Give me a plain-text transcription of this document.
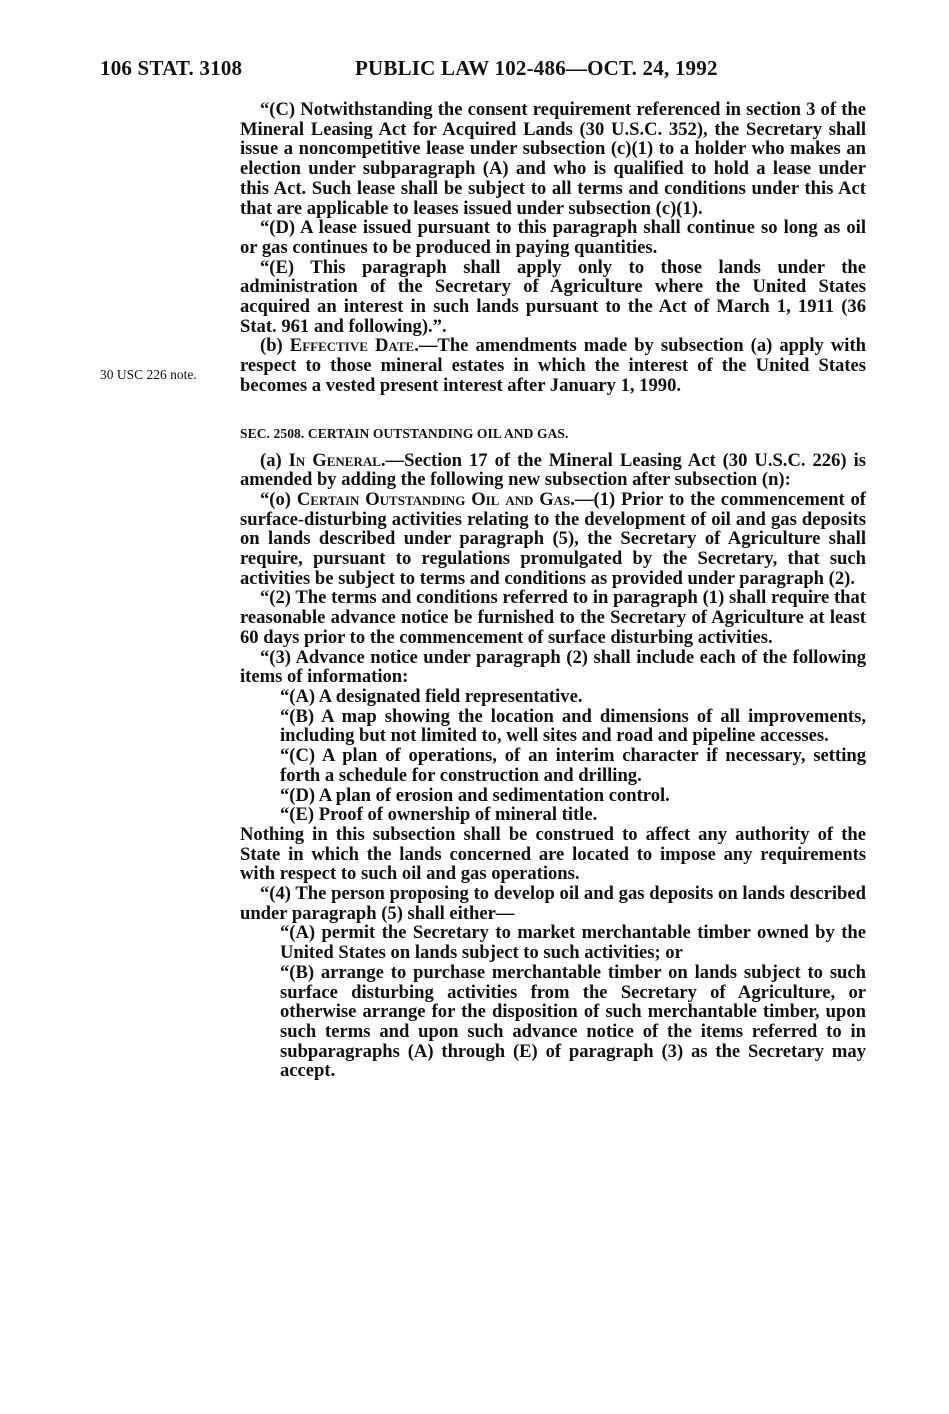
106 STAT. 3108	PUBLIC LAW 102-486—OCT. 24, 1992
30 USC 226 note.

“(C) Notwithstanding the consent requirement referenced in section 3 of the Mineral Leasing Act for Acquired Lands (30 U.S.C. 352), the Secretary shall issue a noncompetitive lease under subsection (c)(1) to a holder who makes an election under subparagraph (A) and who is qualified to hold a lease under this Act. Such lease shall be subject to all terms and conditions under this Act that are applicable to leases issued under subsection (c)(1).

“(D) A lease issued pursuant to this paragraph shall continue so long as oil or gas continues to be produced in paying quantities.

“(E) This paragraph shall apply only to those lands under the administration of the Secretary of Agriculture where the United States acquired an interest in such lands pursuant to the Act of March 1, 1911 (36 Stat. 961 and following).”.

(b) Effective Date.—The amendments made by subsection (a) apply with respect to those mineral estates in which the interest of the United States becomes a vested present interest after January 1, 1990.

SEC. 2508. CERTAIN OUTSTANDING OIL AND GAS.

(a) In General.—Section 17 of the Mineral Leasing Act (30 U.S.C. 226) is amended by adding the following new subsection after subsection (n):

“(o) Certain Outstanding Oil and Gas.—(1) Prior to the commencement of surface-disturbing activities relating to the development of oil and gas deposits on lands described under paragraph (5), the Secretary of Agriculture shall require, pursuant to regulations promulgated by the Secretary, that such activities be subject to terms and conditions as provided under paragraph (2).

“(2) The terms and conditions referred to in paragraph (1) shall require that reasonable advance notice be furnished to the Secretary of Agriculture at least 60 days prior to the commencement of surface disturbing activities.

“(3) Advance notice under paragraph (2) shall include each of the following items of information:

“(A) A designated field representative.

“(B) A map showing the location and dimensions of all improvements, including but not limited to, well sites and road and pipeline accesses.

“(C) A plan of operations, of an interim character if necessary, setting forth a schedule for construction and drilling.

“(D) A plan of erosion and sedimentation control.

“(E) Proof of ownership of mineral title.

Nothing in this subsection shall be construed to affect any authority of the State in which the lands concerned are located to impose any requirements with respect to such oil and gas operations.

“(4) The person proposing to develop oil and gas deposits on lands described under paragraph (5) shall either—

“(A) permit the Secretary to market merchantable timber owned by the United States on lands subject to such activities; or

“(B) arrange to purchase merchantable timber on lands subject to such surface disturbing activities from the Secretary of Agriculture, or otherwise arrange for the disposition of such merchantable timber, upon such terms and upon such advance notice of the items referred to in subparagraphs (A) through (E) of paragraph (3) as the Secretary may accept.
